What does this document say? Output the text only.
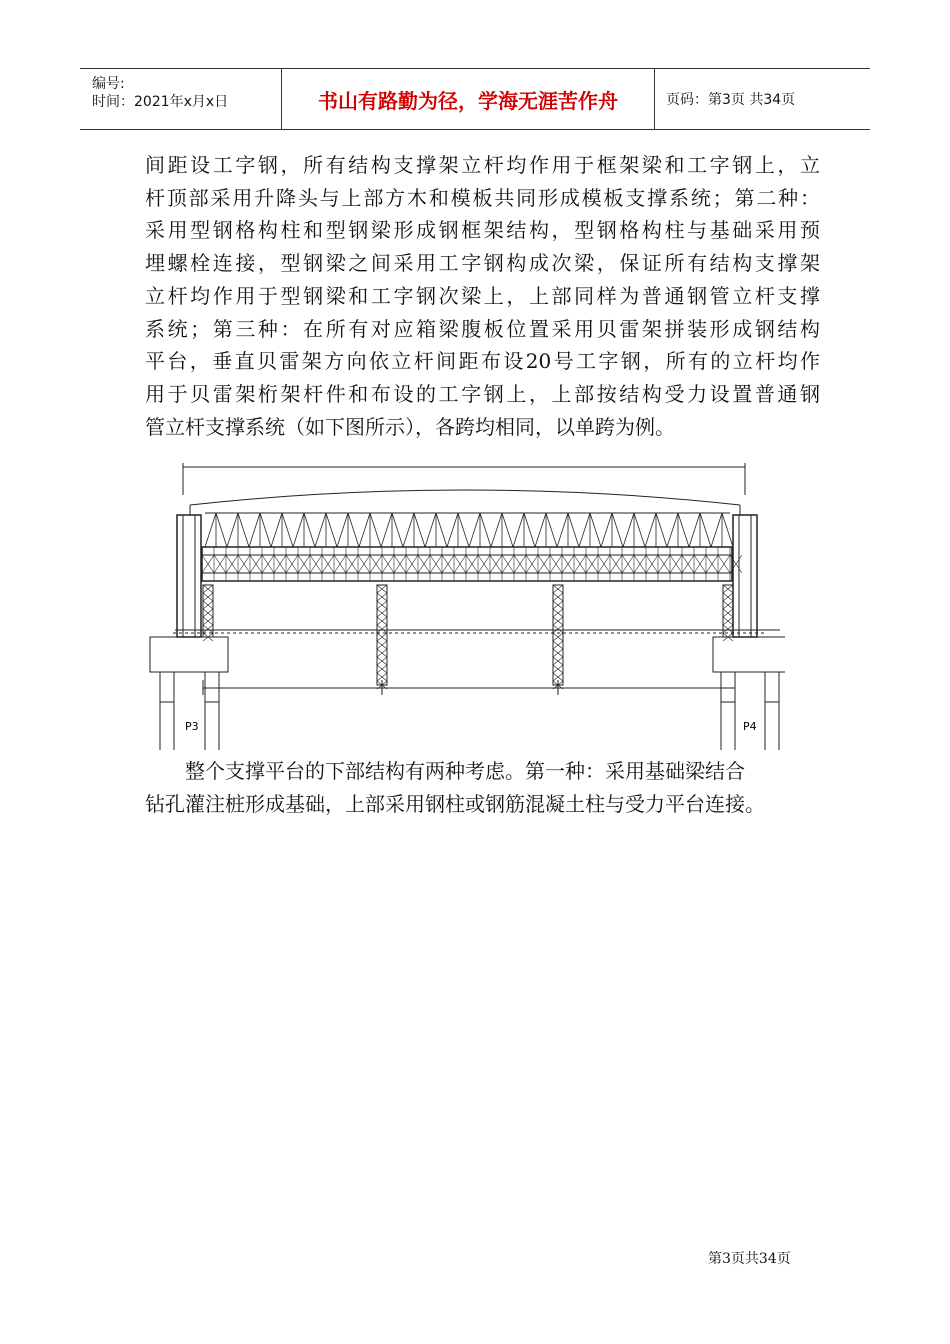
编号:
时间：2021年x月x日	书山有路勤为径，学海无涯苦作舟	页码：第3页 共34页

间距设工字钢，所有结构支撑架立杆均作用于框架梁和工字钢上，立

杆顶部采用升降头与上部方木和模板共同形成模板支撑系统；第二种：

采用型钢格构柱和型钢梁形成钢框架结构，型钢格构柱与基础采用预

埋螺栓连接，型钢梁之间采用工字钢构成次梁，保证所有结构支撑架

立杆均作用于型钢梁和工字钢次梁上，上部同样为普通钢管立杆支撑

系统；第三种：在所有对应箱梁腹板位置采用贝雷架拼装形成钢结构

平台，垂直贝雷架方向依立杆间距布设20号工字钢，所有的立杆均作

用于贝雷架桁架杆件和布设的工字钢上，上部按结构受力设置普通钢

管立杆支撑系统（如下图所示），各跨均相同，以单跨为例。

P3	P4

整个支撑平台的下部结构有两种考虑。第一种：采用基础梁结合

钻孔灌注桩形成基础，上部采用钢柱或钢筋混凝土柱与受力平台连接。

第3页共34页
